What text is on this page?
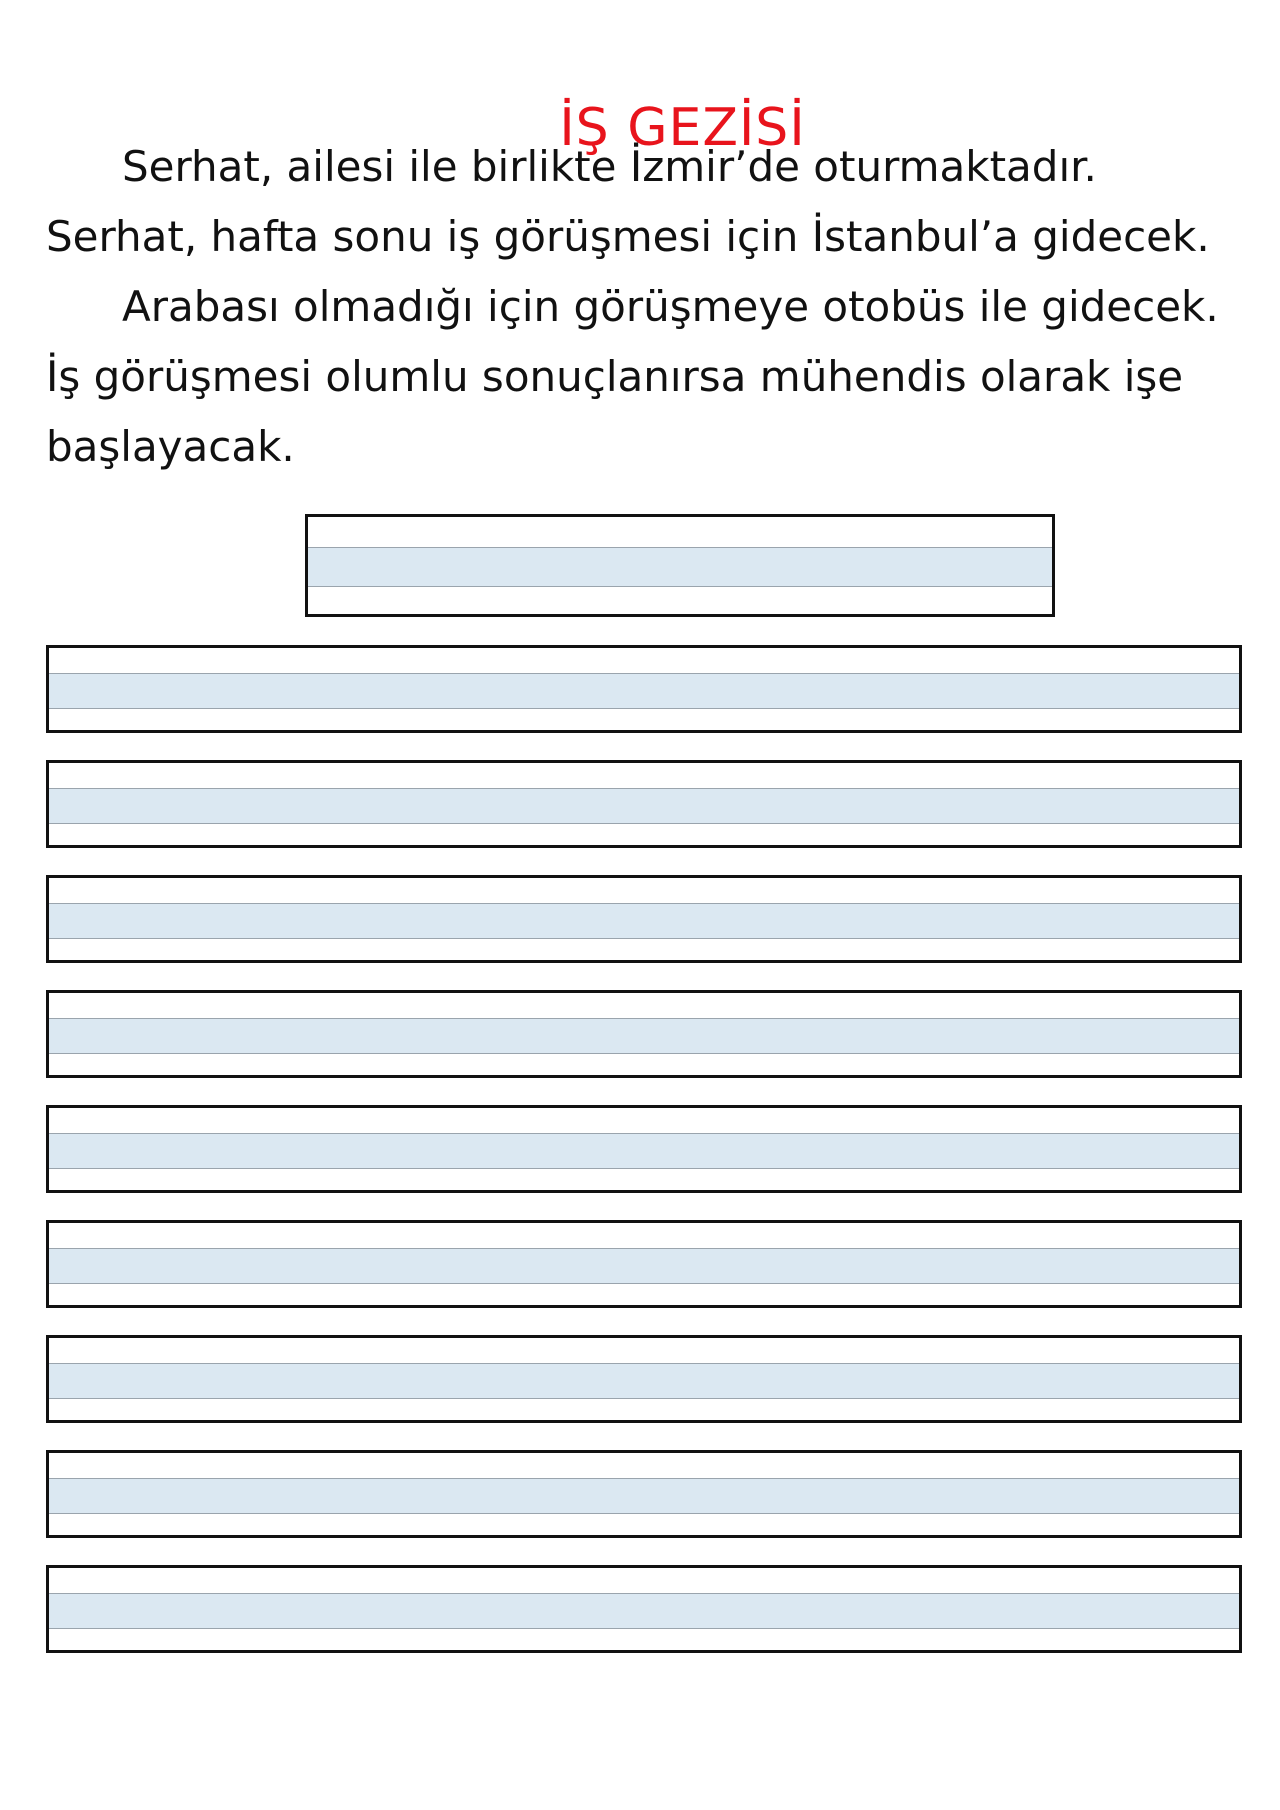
İŞ GEZİSİ
Serhat, ailesi ile birlikte İzmir’de oturmaktadır.
Serhat, hafta sonu iş görüşmesi için İstanbul’a gidecek.
Arabası olmadığı için görüşmeye otobüs ile gidecek.
İş görüşmesi olumlu sonuçlanırsa mühendis olarak işe
başlayacak.
